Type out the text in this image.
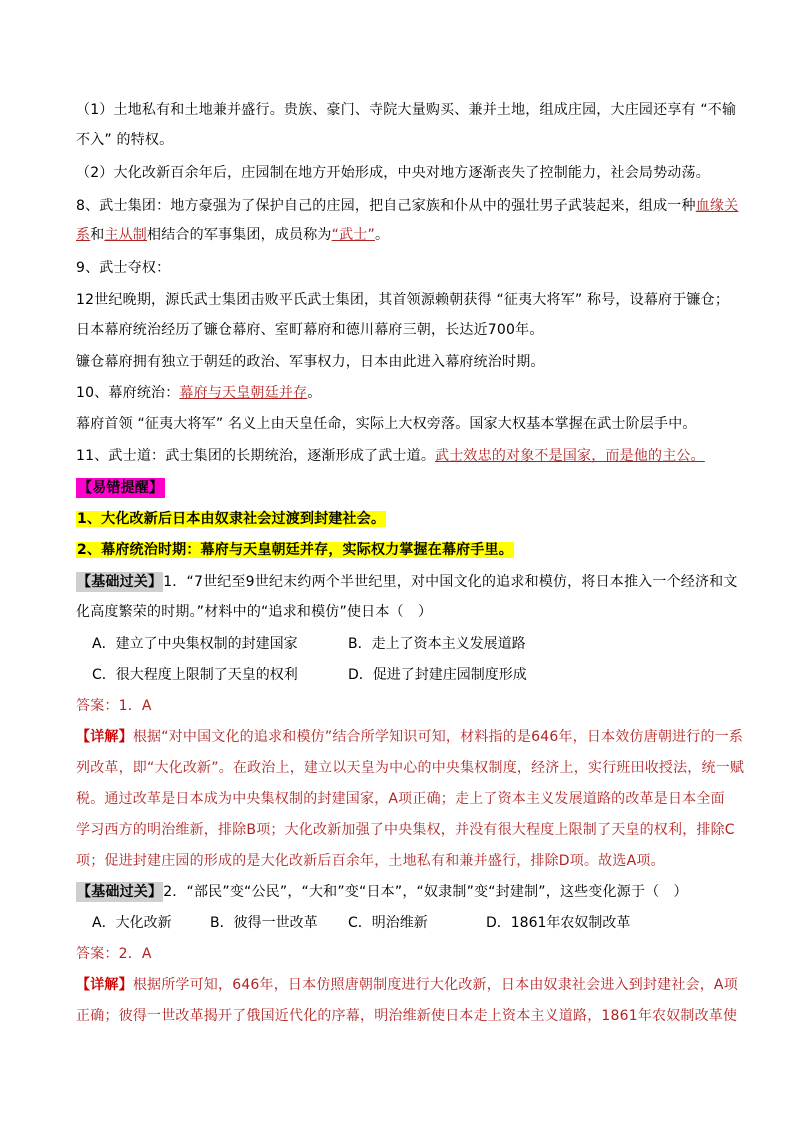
（1）土地私有和土地兼并盛行。贵族、豪门、寺院大量购买、兼并土地，组成庄园，大庄园还享有 “不输
不入” 的特权。
（2）大化改新百余年后，庄园制在地方开始形成，中央对地方逐渐丧失了控制能力，社会局势动荡。
8、武士集团：地方豪强为了保护自己的庄园，把自己家族和仆从中的强壮男子武装起来，组成一种血缘关
系和主从制相结合的军事集团，成员称为“武士”。
9、武士夺权：
12世纪晚期，源氏武士集团击败平氏武士集团，其首领源赖朝获得 “征夷大将军” 称号，设幕府于镰仓；
日本幕府统治经历了镰仓幕府、室町幕府和德川幕府三朝，长达近700年。
镰仓幕府拥有独立于朝廷的政治、军事权力，日本由此进入幕府统治时期。
10、幕府统治：幕府与天皇朝廷并存。
幕府首领 “征夷大将军” 名义上由天皇任命，实际上大权旁落。国家大权基本掌握在武士阶层手中。
11、武士道：武士集团的长期统治，逐渐形成了武士道。武士效忠的对象不是国家，而是他的主公。
【易错提醒】
1、大化改新后日本由奴隶社会过渡到封建社会。
2、幕府统治时期：幕府与天皇朝廷并存，实际权力掌握在幕府手里。
【基础过关】1．“7世纪至9世纪末约两个半世纪里，对中国文化的追求和模仿，将日本推入一个经济和文
化高度繁荣的时期。”材料中的“追求和模仿”使日本（　）
A．建立了中央集权制的封建国家	B．走上了资本主义发展道路
C．很大程度上限制了天皇的权利	D．促进了封建庄园制度形成
答案：1．A
【详解】根据“对中国文化的追求和模仿”结合所学知识可知，材料指的是646年，日本效仿唐朝进行的一系
列改革，即“大化改新”。在政治上，建立以天皇为中心的中央集权制度，经济上，实行班田收授法，统一赋
税。通过改革是日本成为中央集权制的封建国家，A项正确；走上了资本主义发展道路的改革是日本全面
学习西方的明治维新，排除B项；大化改新加强了中央集权，并没有很大程度上限制了天皇的权利，排除C
项；促进封建庄园的形成的是大化改新后百余年，土地私有和兼并盛行，排除D项。故选A项。
【基础过关】2．“部民”变“公民”，“大和”变“日本”，“奴隶制”变“封建制”，这些变化源于（　）
A．大化改新	B．彼得一世改革 C．明治维新	D．1861年农奴制改革
答案：2．A
【详解】根据所学可知，646年，日本仿照唐朝制度进行大化改新，日本由奴隶社会进入到封建社会，A项
正确；彼得一世改革揭开了俄国近代化的序幕，明治维新使日本走上资本主义道路，1861年农奴制改革使
